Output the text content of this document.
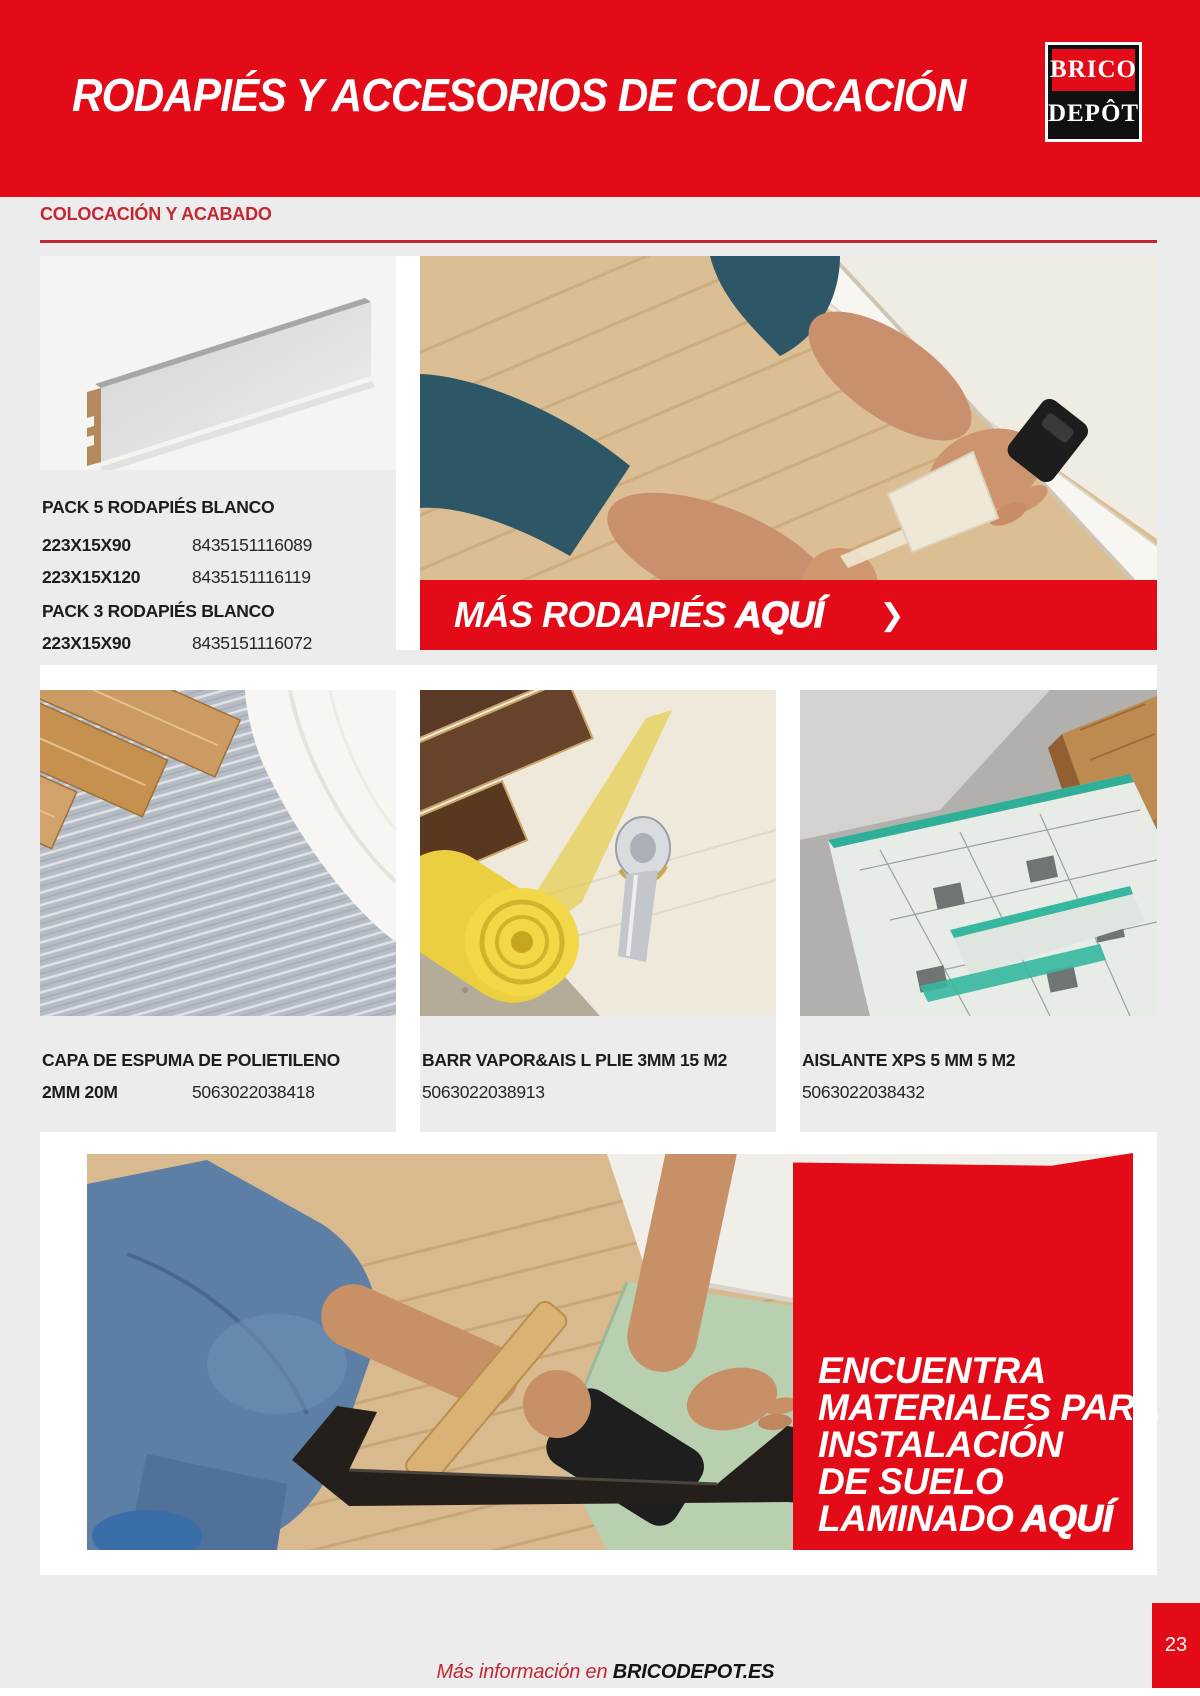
RODAPIÉS Y ACCESORIOS DE COLOCACIÓN	BRICO
DEPÔT
COLOCACIÓN Y ACABADO
PACK 5 RODAPIÉS BLANCO
223X15X90	8435151116089
223X15X120	8435151116119
PACK 3 RODAPIÉS BLANCO
223X15X90	8435151116072
MÁS RODAPIÉS AQUÍ ❯
CAPA DE ESPUMA DE POLIETILENO
2MM 20M	5063022038418
BARR VAPOR&AIS L PLIE 3MM 15 M2
5063022038913
AISLANTE XPS 5 MM 5 M2
5063022038432
ENCUENTRA
MATERIALES PARA
INSTALACIÓN
DE SUELO
LAMINADO AQUÍ ❯

Más información en BRICODEPOT.ES

23
